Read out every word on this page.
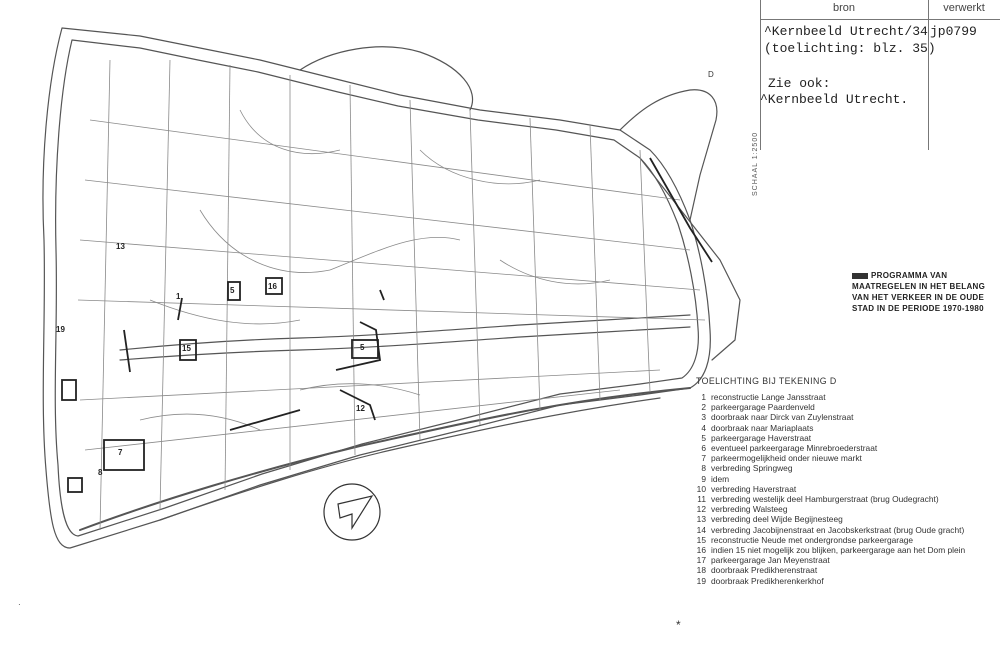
19
13
1
5	16
15	5
12
7
8
bron	verwerkt
^Kernbeeld Utrecht/34
(toelichting: blz. 35)
jp0799
Zie ook:
^Kernbeeld Utrecht.
D
SCHAAL 1:2500
·
PROGRAMMA VAN
MAATREGELEN IN HET BELANG
VAN HET VERKEER IN DE OUDE
STAD IN DE PERIODE 1970-1980
TOELICHTING BIJ TEKENING D
1 reconstructie Lange Jansstraat
2 parkeergarage Paardenveld
3 doorbraak naar Dirck van Zuylenstraat
4 doorbraak naar Mariaplaats
5 parkeergarage Haverstraat
6 eventueel parkeergarage Minrebroederstraat
7 parkeermogelijkheid onder nieuwe markt
8 verbreding Springweg
9 idem
10 verbreding Haverstraat
11 verbreding westelijk deel Hamburgerstraat (brug Oudegracht)
12 verbreding Walsteeg
13 verbreding deel Wijde Begijnesteeg
14 verbreding Jacobijnenstraat en Jacobskerkstraat (brug Oude gracht)
15 reconstructie Neude met ondergrondse parkeergarage
16 indien 15 niet mogelijk zou blijken, parkeergarage aan het Dom plein
17 parkeergarage Jan Meyenstraat
18 doorbraak Predikherenstraat
19 doorbraak Predikherenkerkhof
*
